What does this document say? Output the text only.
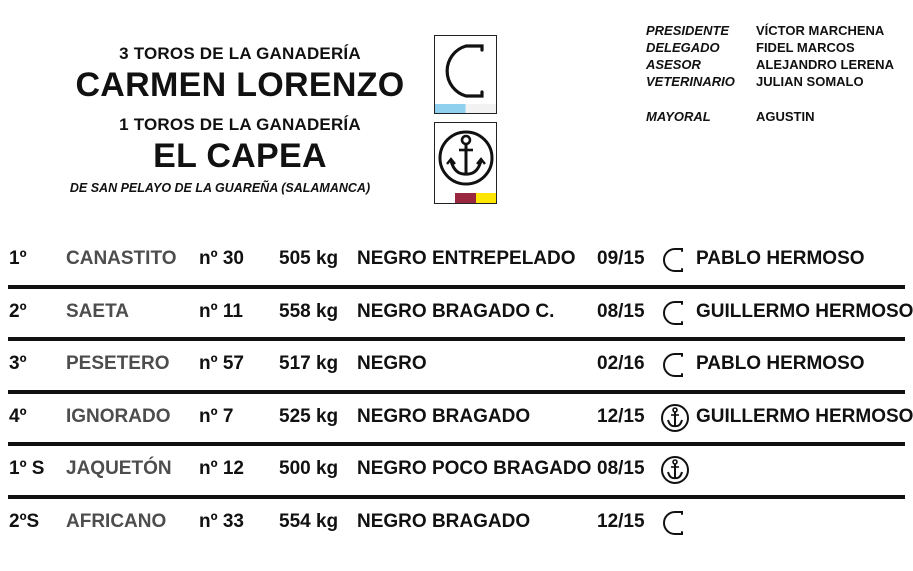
3 TOROS DE LA GANADERÍA
CARMEN LORENZO
1 TOROS DE LA GANADERÍA
EL CAPEA
DE SAN PELAYO DE LA GUAREÑA (SALAMANCA)
PRESIDENTE	VÍCTOR MARCHENA
DELEGADO	FIDEL MARCOS
ASESOR	ALEJANDRO LERENA
VETERINARIO	JULIAN SOMALO
MAYORAL	AGUSTIN
1º CANASTITO nº 30 505 kg NEGRO ENTREPELADO 09/15	PABLO HERMOSO
2º SAETA	nº 11 558 kg NEGRO BRAGADO C. 08/15	GUILLERMO HERMOSO
3º PESETERO nº 57 517 kg NEGRO	02/16	PABLO HERMOSO
4º IGNORADO nº 7 525 kg NEGRO BRAGADO	12/15	GUILLERMO HERMOSO
1º S JAQUETÓN nº 12 500 kg NEGRO POCO BRAGADO 08/15
2ºS AFRICANO nº 33 554 kg NEGRO BRAGADO	12/15
